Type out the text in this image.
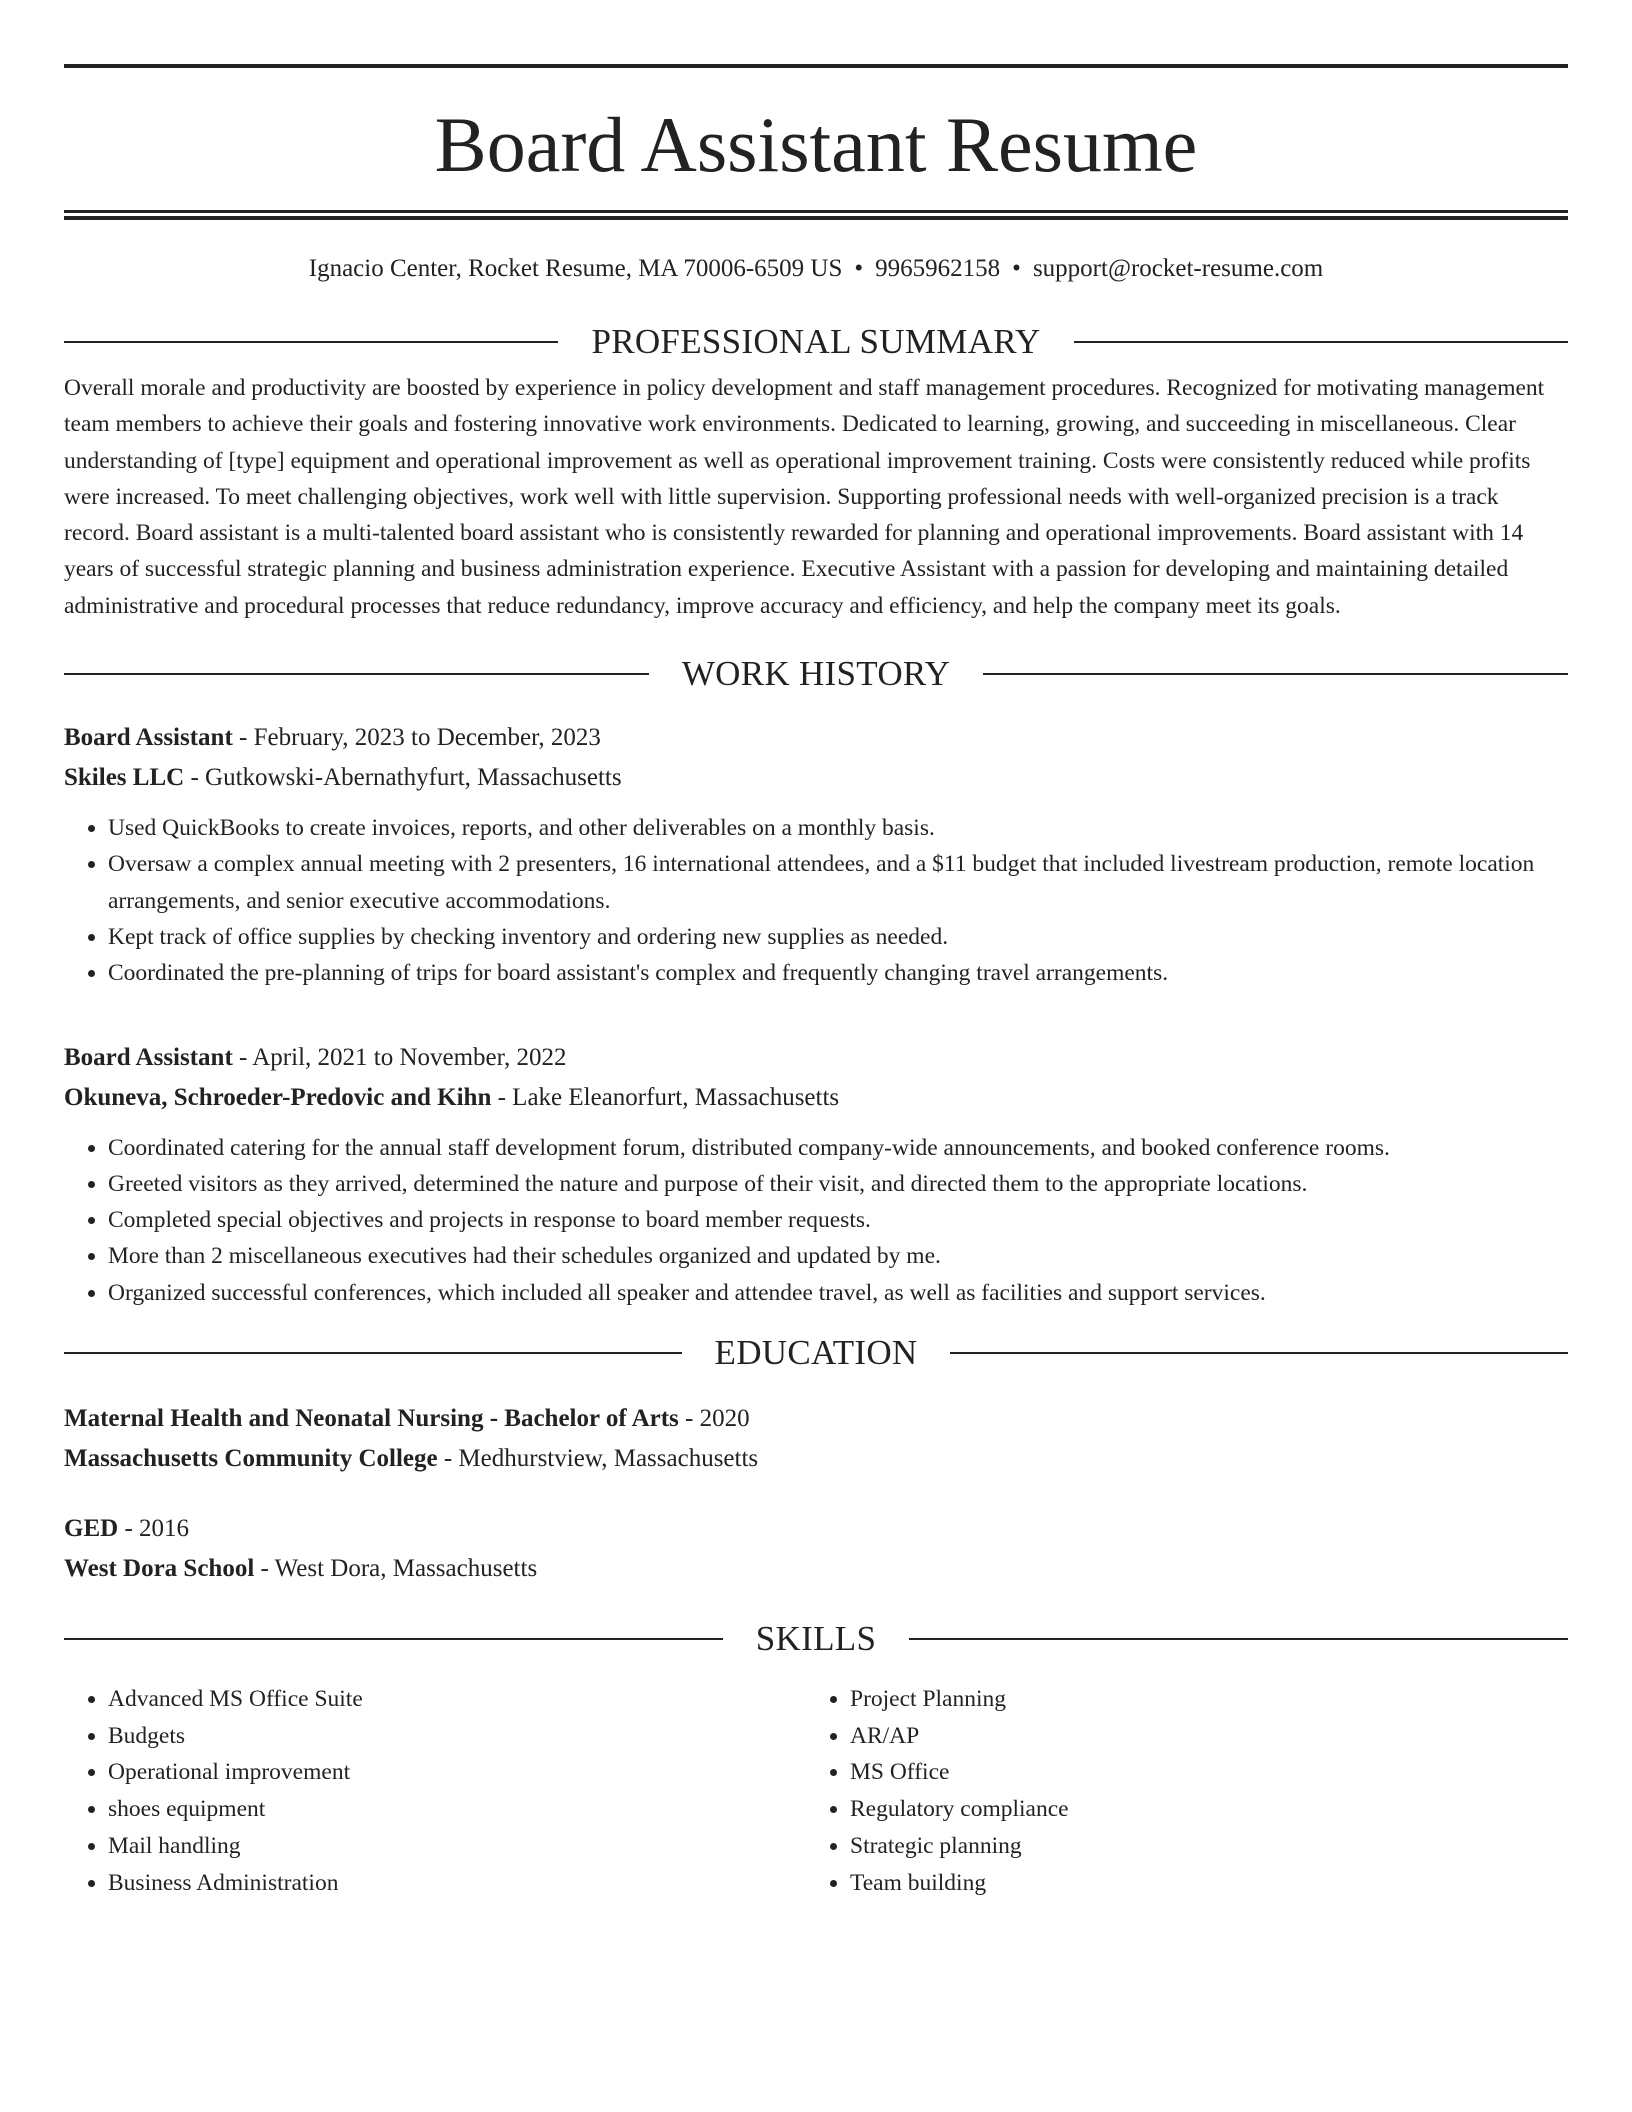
Board Assistant Resume
Ignacio Center, Rocket Resume, MA 70006-6509 US • 9965962158 • support@rocket-resume.com
PROFESSIONAL SUMMARY

Overall morale and productivity are boosted by experience in policy development and staff management procedures. Recognized for motivating management team members to achieve their goals and fostering innovative work environments. Dedicated to learning, growing, and succeeding in miscellaneous. Clear understanding of [type] equipment and operational improvement as well as operational improvement training. Costs were consistently reduced while profits were increased. To meet challenging objectives, work well with little supervision. Supporting professional needs with well-organized precision is a track record. Board assistant is a multi-talented board assistant who is consistently rewarded for planning and operational improvements. Board assistant with 14 years of successful strategic planning and business administration experience. Executive Assistant with a passion for developing and maintaining detailed administrative and procedural processes that reduce redundancy, improve accuracy and efficiency, and help the company meet its goals.

WORK HISTORY
Board Assistant - February, 2023 to December, 2023
Skiles LLC - Gutkowski-Abernathyfurt, Massachusetts
• Used QuickBooks to create invoices, reports, and other deliverables on a monthly basis.
• Oversaw a complex annual meeting with 2 presenters, 16 international attendees, and a $11 budget that included livestream production, remote location arrangements, and senior executive accommodations.
• Kept track of office supplies by checking inventory and ordering new supplies as needed.
• Coordinated the pre-planning of trips for board assistant's complex and frequently changing travel arrangements.
Board Assistant - April, 2021 to November, 2022
Okuneva, Schroeder-Predovic and Kihn - Lake Eleanorfurt, Massachusetts
• Coordinated catering for the annual staff development forum, distributed company-wide announcements, and booked conference rooms.
• Greeted visitors as they arrived, determined the nature and purpose of their visit, and directed them to the appropriate locations.
• Completed special objectives and projects in response to board member requests.
• More than 2 miscellaneous executives had their schedules organized and updated by me.
• Organized successful conferences, which included all speaker and attendee travel, as well as facilities and support services.
EDUCATION
Maternal Health and Neonatal Nursing - Bachelor of Arts - 2020
Massachusetts Community College - Medhurstview, Massachusetts
GED - 2016
West Dora School - West Dora, Massachusetts
SKILLS
• Advanced MS Office Suite
• Budgets
• Operational improvement
• shoes equipment
• Mail handling
• Business Administration
• Project Planning
• AR/AP
• MS Office
• Regulatory compliance
• Strategic planning
• Team building
